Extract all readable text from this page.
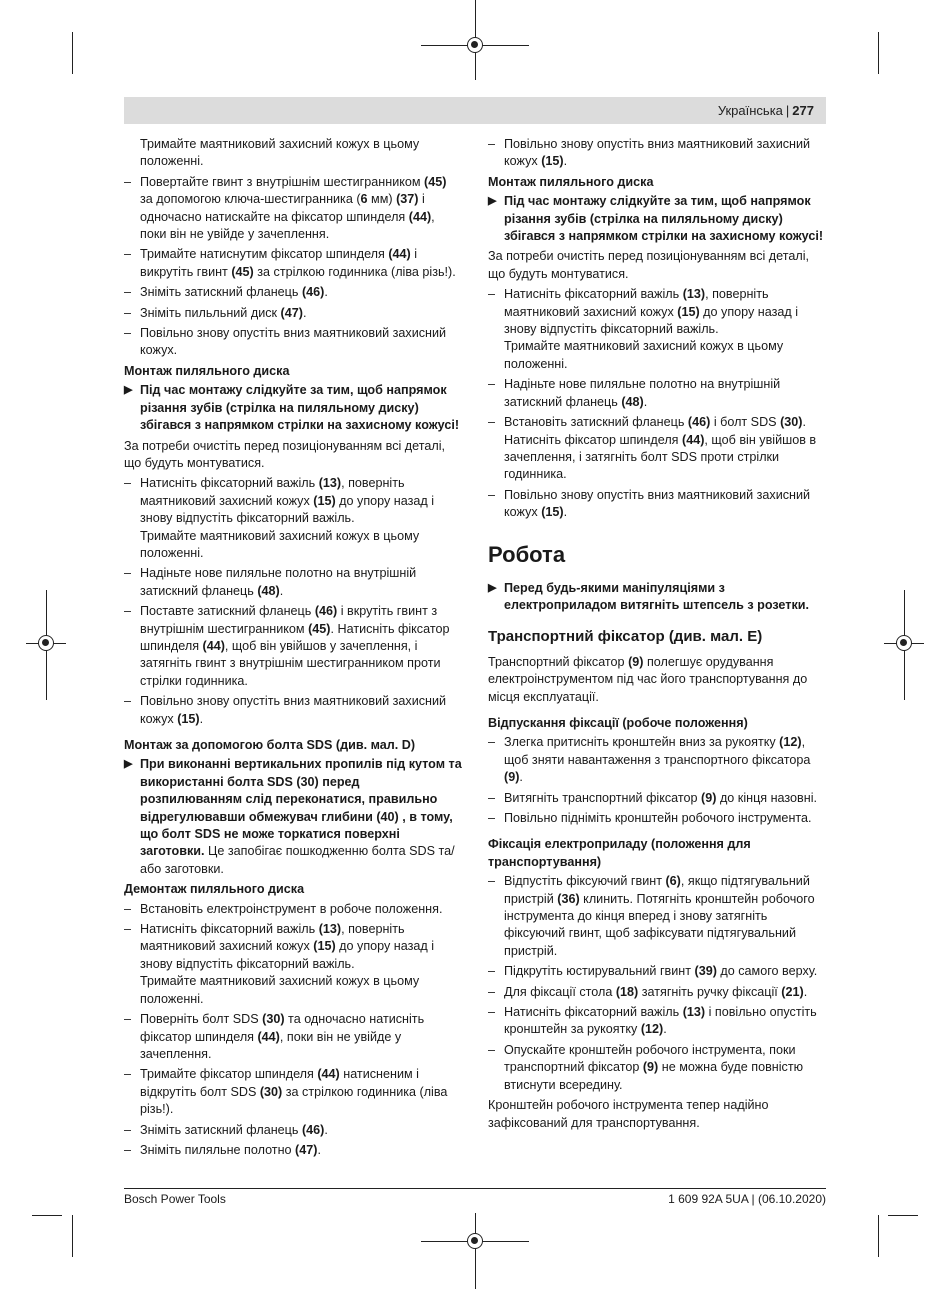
Українська | 277
Тримайте маятниковий захисний кожух в цьому положенні.
– Повертайте гвинт з внутрішнім шестигранником (45) за допомогою ключа-шестигранника (6 мм) (37) і одночасно натискайте на фіксатор шпинделя (44), поки він не увійде у зачеплення.
– Тримайте натиснутим фіксатор шпинделя (44) і викрутіть гвинт (45) за стрілкою годинника (ліва різь!).
– Зніміть затискний фланець (46).
– Зніміть пильльний диск (47).
– Повільно знову опустіть вниз маятниковий захисний кожух.
Монтаж пиляльного диска
▶ Під час монтажу слідкуйте за тим, щоб напрямок різання зубів (стрілка на пиляльному диску) збігався з напрямком стрілки на захисному кожусі!
За потреби очистіть перед позиціонуванням всі деталі, що будуть монтуватися.
– Натисніть фіксаторний важіль (13), поверніть маятниковий захисний кожух (15) до упору назад і знову відпустіть фіксаторний важіль.
Тримайте маятниковий захисний кожух в цьому положенні.
– Надіньте нове пиляльне полотно на внутрішній затискний фланець (48).
– Поставте затискний фланець (46) і вкрутіть гвинт з внутрішнім шестигранником (45). Натисніть фіксатор шпинделя (44), щоб він увійшов у зачеплення, і затягніть гвинт з внутрішнім шестигранником проти стрілки годинника.
– Повільно знову опустіть вниз маятниковий захисний кожух (15).
Монтаж за допомогою болта SDS (див. мал. D)
▶ При виконанні вертикальних пропилів під кутом та використанні болта SDS (30) перед розпилюванням слід переконатися, правильно відрегулювавши обмежувач глибини (40) , в тому, що болт SDS не може торкатися поверхні заготовки. Це запобігає пошкодженню болта SDS та/або заготовки.
Демонтаж пиляльного диска
– Встановіть електроінструмент в робоче положення.
– Натисніть фіксаторний важіль (13), поверніть маятниковий захисний кожух (15) до упору назад і знову відпустіть фіксаторний важіль.
Тримайте маятниковий захисний кожух в цьому положенні.
– Поверніть болт SDS (30) та одночасно натисніть фіксатор шпинделя (44), поки він не увійде у зачеплення.
– Тримайте фіксатор шпинделя (44) натисненим і відкрутіть болт SDS (30) за стрілкою годинника (ліва різь!).
– Зніміть затискний фланець (46).
– Зніміть пиляльне полотно (47).
– Повільно знову опустіть вниз маятниковий захисний кожух (15).
Монтаж пиляльного диска
▶ Під час монтажу слідкуйте за тим, щоб напрямок різання зубів (стрілка на пиляльному диску) збігався з напрямком стрілки на захисному кожусі!
За потреби очистіть перед позиціонуванням всі деталі, що будуть монтуватися.
– Натисніть фіксаторний важіль (13), поверніть маятниковий захисний кожух (15) до упору назад і знову відпустіть фіксаторний важіль.
Тримайте маятниковий захисний кожух в цьому положенні.
– Надіньте нове пиляльне полотно на внутрішній затискний фланець (48).
– Встановіть затискний фланець (46) і болт SDS (30). Натисніть фіксатор шпинделя (44), щоб він увійшов в зачеплення, і затягніть болт SDS проти стрілки годинника.
– Повільно знову опустіть вниз маятниковий захисний кожух (15).
Робота
▶ Перед будь-якими маніпуляціями з електроприладом витягніть штепсель з розетки.
Транспортний фіксатор (див. мал. E)
Транспортний фіксатор (9) полегшує орудування електроінструментом під час його транспортування до місця експлуатації.
Відпускання фіксації (робоче положення)
– Злегка притисніть кронштейн вниз за рукоятку (12), щоб зняти навантаження з транспортного фіксатора (9).
– Витягніть транспортний фіксатор (9) до кінця назовні.
– Повільно підніміть кронштейн робочого інструмента.
Фіксація електроприладу (положення для транспортування)
– Відпустіть фіксуючий гвинт (6), якщо підтягувальний пристрій (36) клинить. Потягніть кронштейн робочого інструмента до кінця вперед і знову затягніть фіксуючий гвинт, щоб зафіксувати підтягувальний пристрій.
– Підкрутіть юстирувальний гвинт (39) до самого верху.
– Для фіксації стола (18) затягніть ручку фіксації (21).
– Натисніть фіксаторний важіль (13) і повільно опустіть кронштейн за рукоятку (12).
– Опускайте кронштейн робочого інструмента, поки транспортний фіксатор (9) не можна буде повністю втиснути всередину.
Кронштейн робочого інструмента тепер надійно зафіксований для транспортування.
Bosch Power Tools	1 609 92A 5UA | (06.10.2020)
